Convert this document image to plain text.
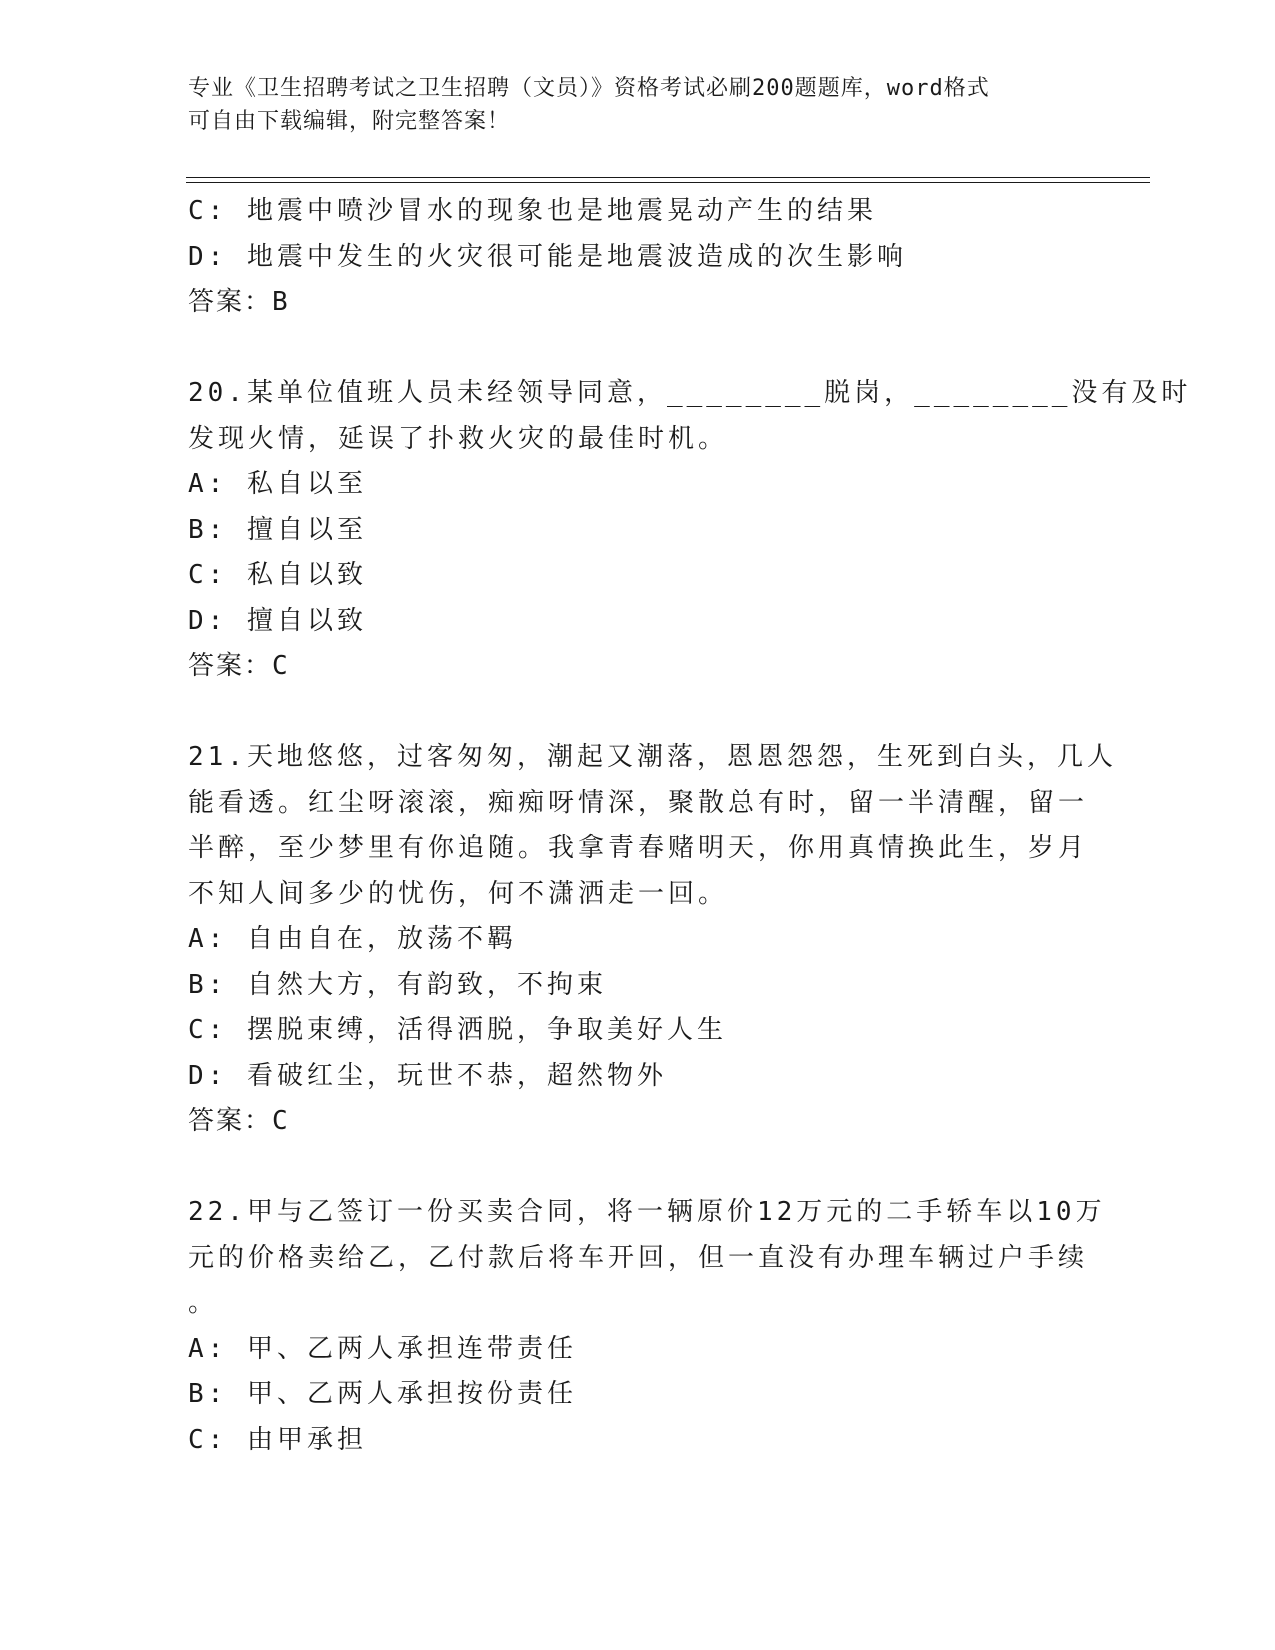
专业《卫生招聘考试之卫生招聘（文员）》资格考试必刷200题题库，word格式
可自由下载编辑，附完整答案！
C: 地震中喷沙冒水的现象也是地震晃动产生的结果
D: 地震中发生的火灾很可能是地震波造成的次生影响
答案：B
20.某单位值班人员未经领导同意，________脱岗，________没有及时
发现火情，延误了扑救火灾的最佳时机。
A: 私自以至
B: 擅自以至
C: 私自以致
D: 擅自以致
答案：C
21.天地悠悠，过客匆匆，潮起又潮落，恩恩怨怨，生死到白头，几人
能看透。红尘呀滚滚，痴痴呀情深，聚散总有时，留一半清醒，留一
半醉，至少梦里有你追随。我拿青春赌明天，你用真情换此生，岁月
不知人间多少的忧伤，何不潇洒走一回。
A: 自由自在，放荡不羁
B: 自然大方，有韵致，不拘束
C: 摆脱束缚，活得洒脱，争取美好人生
D: 看破红尘，玩世不恭，超然物外
答案：C
22.甲与乙签订一份买卖合同，将一辆原价12万元的二手轿车以10万
元的价格卖给乙，乙付款后将车开回，但一直没有办理车辆过户手续
。
A: 甲、乙两人承担连带责任
B: 甲、乙两人承担按份责任
C: 由甲承担
